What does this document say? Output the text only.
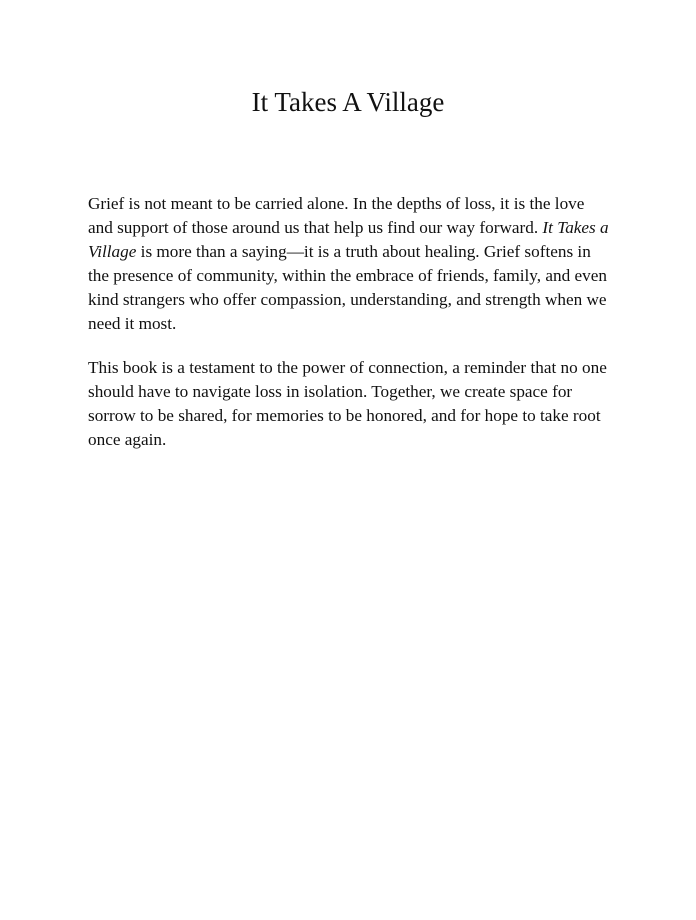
It Takes A Village

Grief is not meant to be carried alone. In the depths of loss, it is the love and support of those around us that help us find our way forward. It Takes a Village is more than a saying—it is a truth about healing. Grief softens in the presence of community, within the embrace of friends, family, and even kind strangers who offer compassion, understanding, and strength when we need it most.

This book is a testament to the power of connection, a reminder that no one should have to navigate loss in isolation. Together, we create space for sorrow to be shared, for memories to be honored, and for hope to take root once again.
